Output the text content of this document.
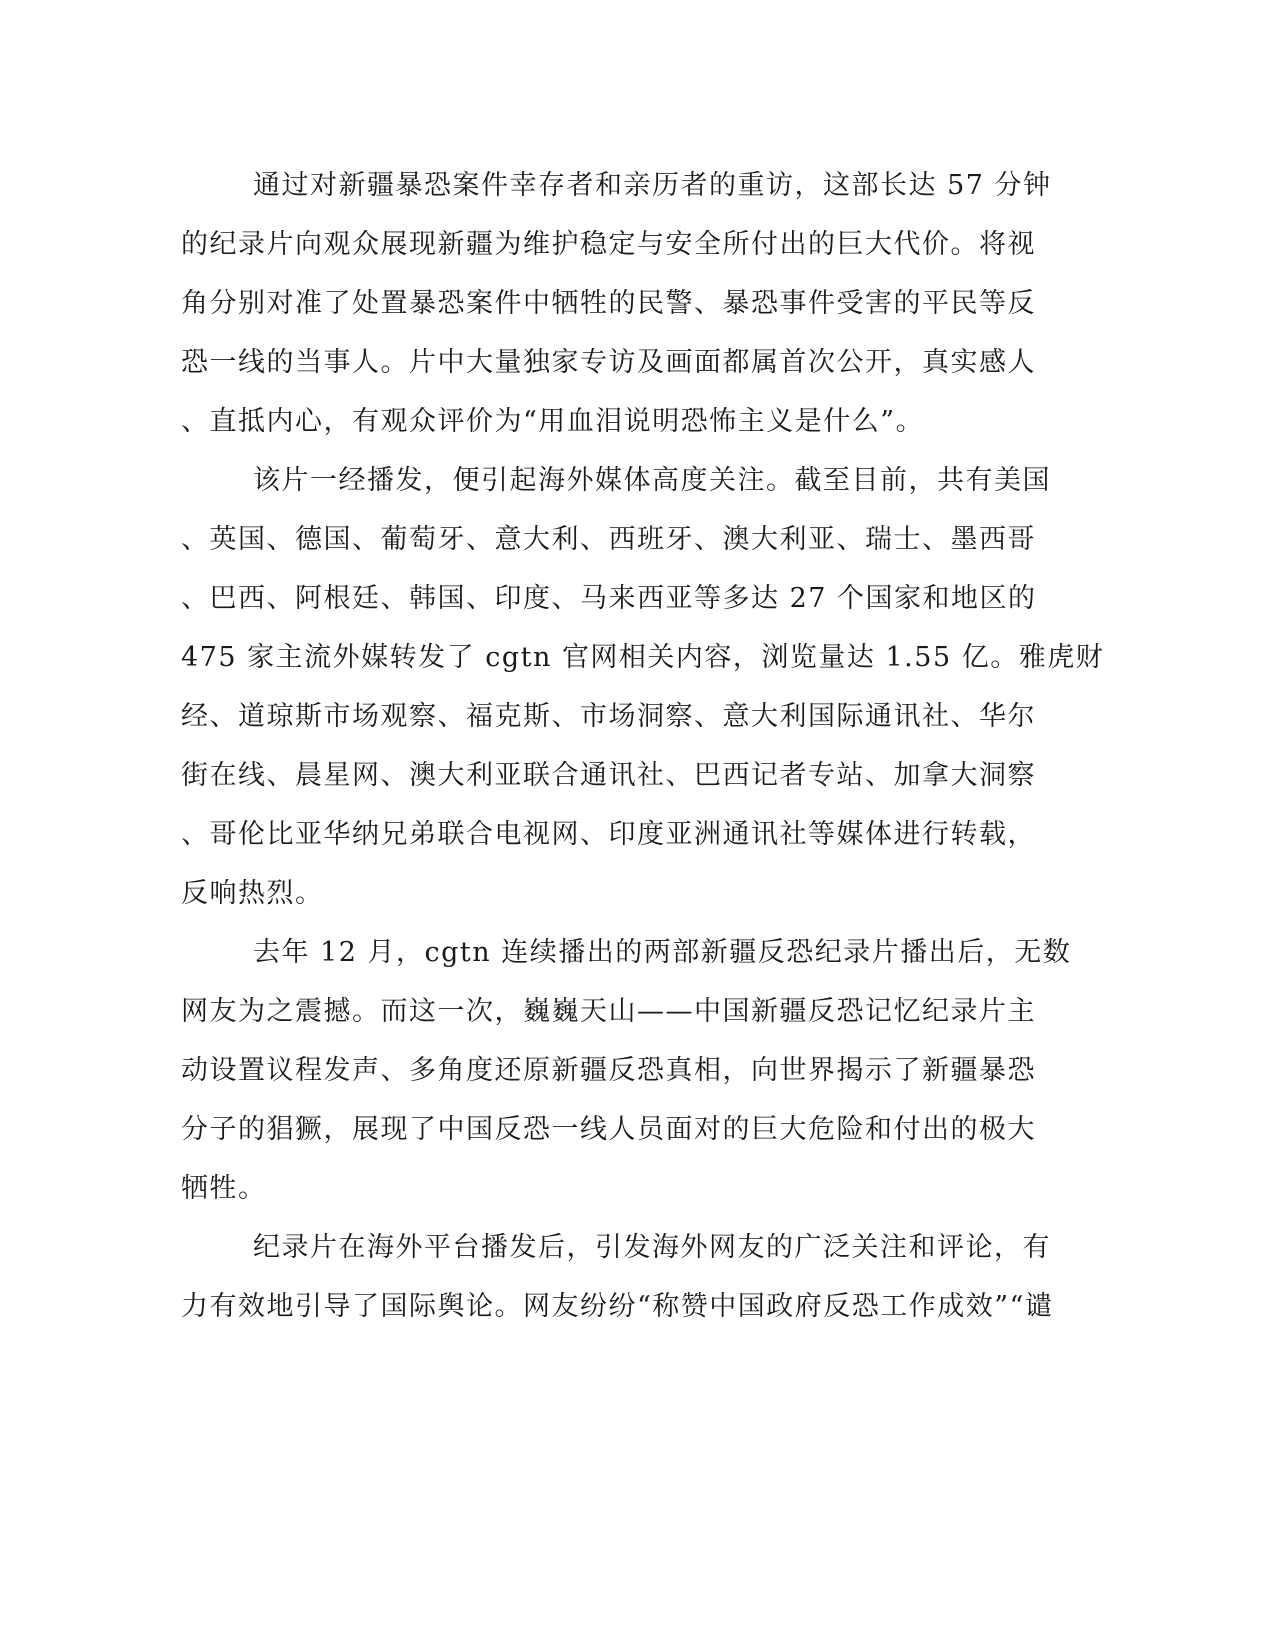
通过对新疆暴恐案件幸存者和亲历者的重访，这部长达 57 分钟
的纪录片向观众展现新疆为维护稳定与安全所付出的巨大代价。将视
角分别对准了处置暴恐案件中牺牲的民警、暴恐事件受害的平民等反
恐一线的当事人。片中大量独家专访及画面都属首次公开，真实感人
、直抵内心，有观众评价为“用血泪说明恐怖主义是什么”。
该片一经播发，便引起海外媒体高度关注。截至目前，共有美国
、英国、德国、葡萄牙、意大利、西班牙、澳大利亚、瑞士、墨西哥
、巴西、阿根廷、韩国、印度、马来西亚等多达 27 个国家和地区的
475 家主流外媒转发了 cgtn 官网相关内容，浏览量达 1.55 亿。雅虎财
经、道琼斯市场观察、福克斯、市场洞察、意大利国际通讯社、华尔
街在线、晨星网、澳大利亚联合通讯社、巴西记者专站、加拿大洞察
、哥伦比亚华纳兄弟联合电视网、印度亚洲通讯社等媒体进行转载，
反响热烈。
去年 12 月，cgtn 连续播出的两部新疆反恐纪录片播出后，无数
网友为之震撼。而这一次，巍巍天山——中国新疆反恐记忆纪录片主
动设置议程发声、多角度还原新疆反恐真相，向世界揭示了新疆暴恐
分子的猖獗，展现了中国反恐一线人员面对的巨大危险和付出的极大
牺牲。
纪录片在海外平台播发后，引发海外网友的广泛关注和评论，有
力有效地引导了国际舆论。网友纷纷“称赞中国政府反恐工作成效”“谴
